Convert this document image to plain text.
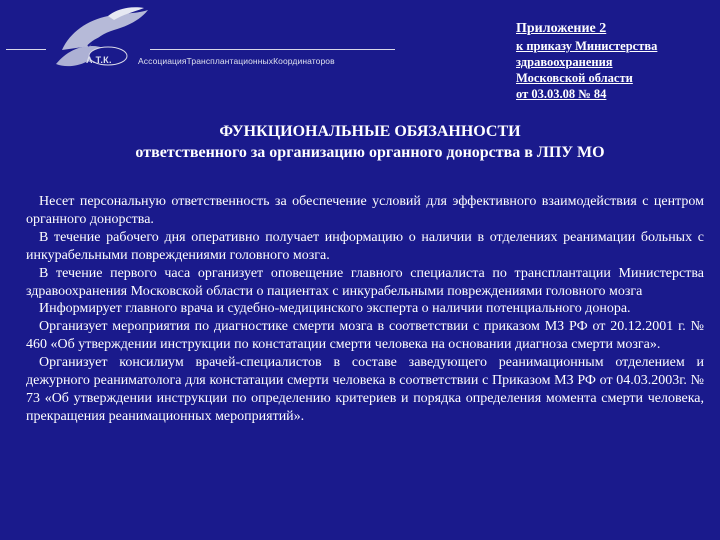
А.Т.К.	АссоциацияТрансплантационныхКоординаторов
Приложение 2
к приказу Министерства
здравоохранения
Московской области
от 03.03.08 № 84
ФУНКЦИОНАЛЬНЫЕ ОБЯЗАННОСТИ
ответственного за организацию органного донорства в ЛПУ МО

Несет персональную ответственность за обеспечение условий для эффективного взаимодействия с центром органного донорства.

В течение рабочего дня оперативно получает информацию о наличии в отделениях реанимации больных с инкурабельными повреждениями головного мозга.

В течение первого часа организует оповещение главного специалиста по трансплантации Министерства здравоохранения Московской области о пациентах с инкурабельными повреждениями головного мозга

Информирует главного врача и судебно-медицинского эксперта о наличии потенциального донора.

Организует мероприятия по диагностике смерти мозга в соответствии с приказом МЗ РФ от 20.12.2001 г. № 460 «Об утверждении инструкции по констатации смерти человека на основании диагноза смерти мозга».

Организует консилиум врачей-специалистов в составе заведующего реанимационным отделением и дежурного реаниматолога для констатации смерти человека в соответствии с Приказом МЗ РФ от 04.03.2003г. № 73 «Об утверждении инструкции по определению критериев и порядка определения момента смерти человека, прекращения реанимационных мероприятий».
